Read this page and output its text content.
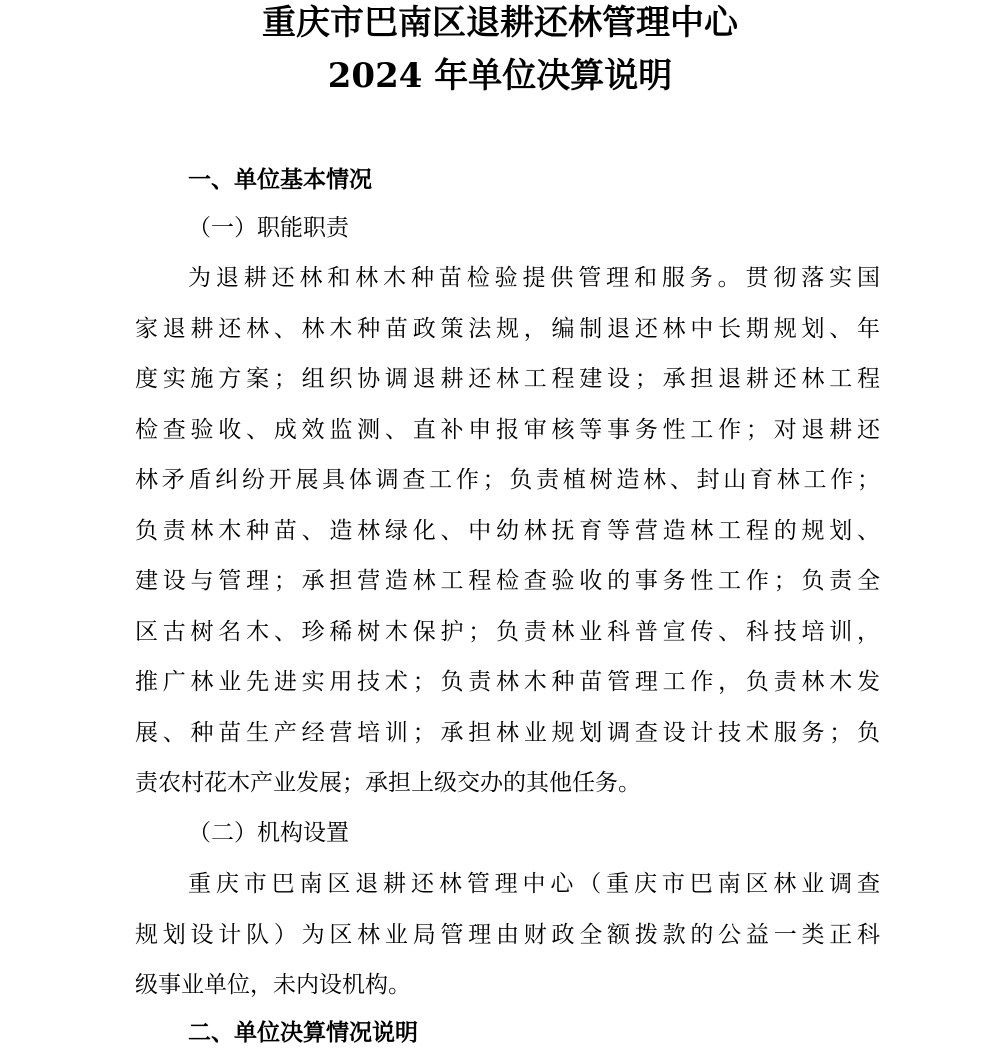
重庆市巴南区退耕还林管理中心
2024 年单位决算说明
一、单位基本情况
（一）职能职责
为退耕还林和林木种苗检验提供管理和服务。贯彻落实国
家退耕还林、林木种苗政策法规，编制退还林中长期规划、年
度实施方案；组织协调退耕还林工程建设；承担退耕还林工程
检查验收、成效监测、直补申报审核等事务性工作；对退耕还
林矛盾纠纷开展具体调查工作；负责植树造林、封山育林工作；
负责林木种苗、造林绿化、中幼林抚育等营造林工程的规划、
建设与管理；承担营造林工程检查验收的事务性工作；负责全
区古树名木、珍稀树木保护；负责林业科普宣传、科技培训，
推广林业先进实用技术；负责林木种苗管理工作，负责林木发
展、种苗生产经营培训；承担林业规划调查设计技术服务；负
责农村花木产业发展；承担上级交办的其他任务。
（二）机构设置
重庆市巴南区退耕还林管理中心（重庆市巴南区林业调查
规划设计队）为区林业局管理由财政全额拨款的公益一类正科
级事业单位，未内设机构。
二、单位决算情况说明
